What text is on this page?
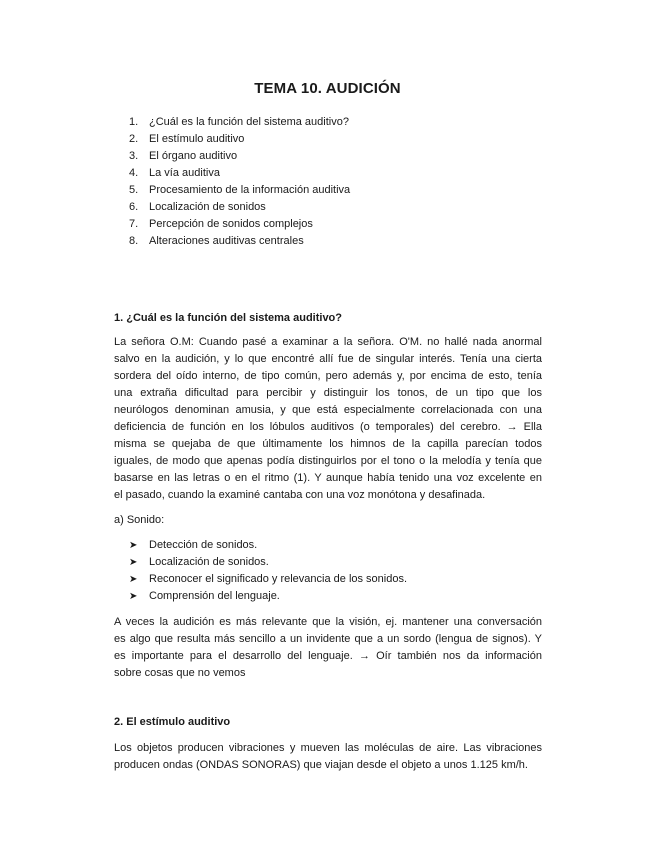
TEMA 10. AUDICIÓN
1. ¿Cuál es la función del sistema auditivo?
2. El estímulo auditivo
3. El órgano auditivo
4. La vía auditiva
5. Procesamiento de la información auditiva
6. Localización de sonidos
7. Percepción de sonidos complejos
8. Alteraciones auditivas centrales
1. ¿Cuál es la función del sistema auditivo?
La señora O.M: Cuando pasé a examinar a la señora. O'M. no hallé nada anormal
salvo en la audición, y lo que encontré allí fue de singular interés. Tenía una cierta
sordera del oído interno, de tipo común, pero además y, por encima de esto, tenía
una extraña dificultad para percibir y distinguir los tonos, de un tipo que los
neurólogos denominan amusia, y que está especialmente correlacionada con una
deficiencia de función en los lóbulos auditivos (o temporales) del cerebro. → Ella
misma se quejaba de que últimamente los himnos de la capilla parecían todos
iguales, de modo que apenas podía distinguirlos por el tono o la melodía y tenía que
basarse en las letras o en el ritmo (1). Y aunque había tenido una voz excelente en
el pasado, cuando la examiné cantaba con una voz monótona y desafinada.
a) Sonido:
➤ Detección de sonidos.
➤ Localización de sonidos.
➤ Reconocer el significado y relevancia de los sonidos.
➤ Comprensión del lenguaje.
A veces la audición es más relevante que la visión, ej. mantener una conversación
es algo que resulta más sencillo a un invidente que a un sordo (lengua de signos). Y
es importante para el desarrollo del lenguaje. → Oír también nos da información
sobre cosas que no vemos
2. El estímulo auditivo
Los objetos producen vibraciones y mueven las moléculas de aire. Las vibraciones
producen ondas (ONDAS SONORAS) que viajan desde el objeto a unos 1.125 km/h.
